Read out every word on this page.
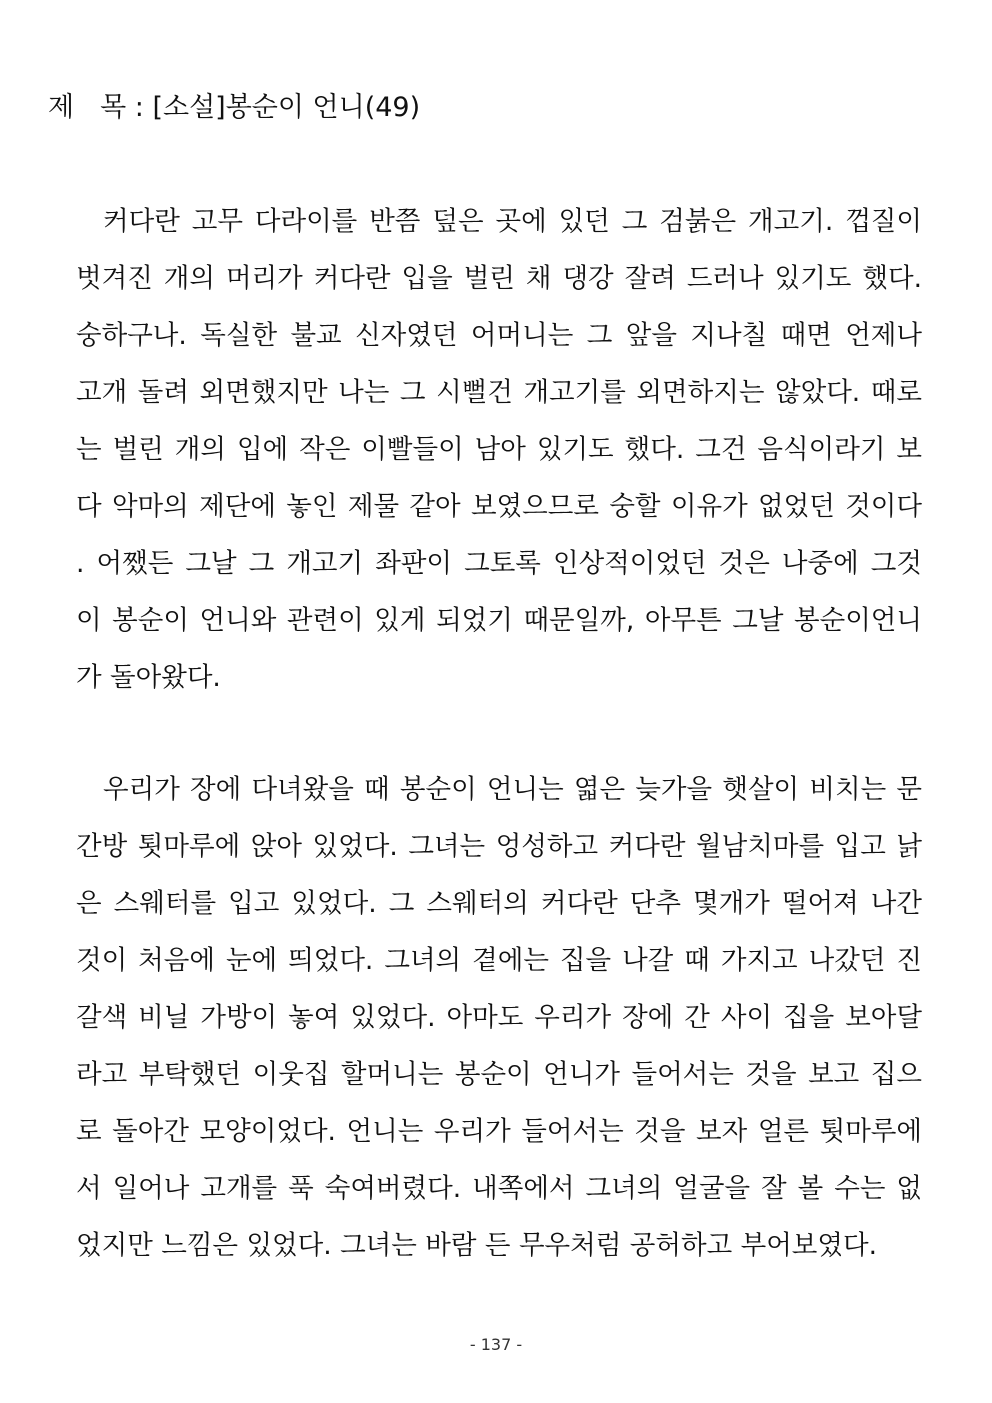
제 목 : [소설]봉순이 언니(49)
커다란 고무 다라이를 반쯤 덮은 곳에 있던 그 검붉은 개고기. 껍질이
벗겨진 개의 머리가 커다란 입을 벌린 채 댕강 잘려 드러나 있기도 했다.
숭하구나. 독실한 불교 신자였던 어머니는 그 앞을 지나칠 때면 언제나
고개 돌려 외면했지만 나는 그 시뻘건 개고기를 외면하지는 않았다. 때로
는 벌린 개의 입에 작은 이빨들이 남아 있기도 했다. 그건 음식이라기 보
다 악마의 제단에 놓인 제물 같아 보였으므로 숭할 이유가 없었던 것이다
. 어쨌든 그날 그 개고기 좌판이 그토록 인상적이었던 것은 나중에 그것
이 봉순이 언니와 관련이 있게 되었기 때문일까, 아무튼 그날 봉순이언니
가 돌아왔다.
우리가 장에 다녀왔을 때 봉순이 언니는 엷은 늦가을 햇살이 비치는 문
간방 툇마루에 앉아 있었다. 그녀는 엉성하고 커다란 월남치마를 입고 낡
은 스웨터를 입고 있었다. 그 스웨터의 커다란 단추 몇개가 떨어져 나간
것이 처음에 눈에 띄었다. 그녀의 곁에는 집을 나갈 때 가지고 나갔던 진
갈색 비닐 가방이 놓여 있었다. 아마도 우리가 장에 간 사이 집을 보아달
라고 부탁했던 이웃집 할머니는 봉순이 언니가 들어서는 것을 보고 집으
로 돌아간 모양이었다. 언니는 우리가 들어서는 것을 보자 얼른 툇마루에
서 일어나 고개를 푹 숙여버렸다. 내쪽에서 그녀의 얼굴을 잘 볼 수는 없
었지만 느낌은 있었다. 그녀는 바람 든 무우처럼 공허하고 부어보였다.
- 137 -
